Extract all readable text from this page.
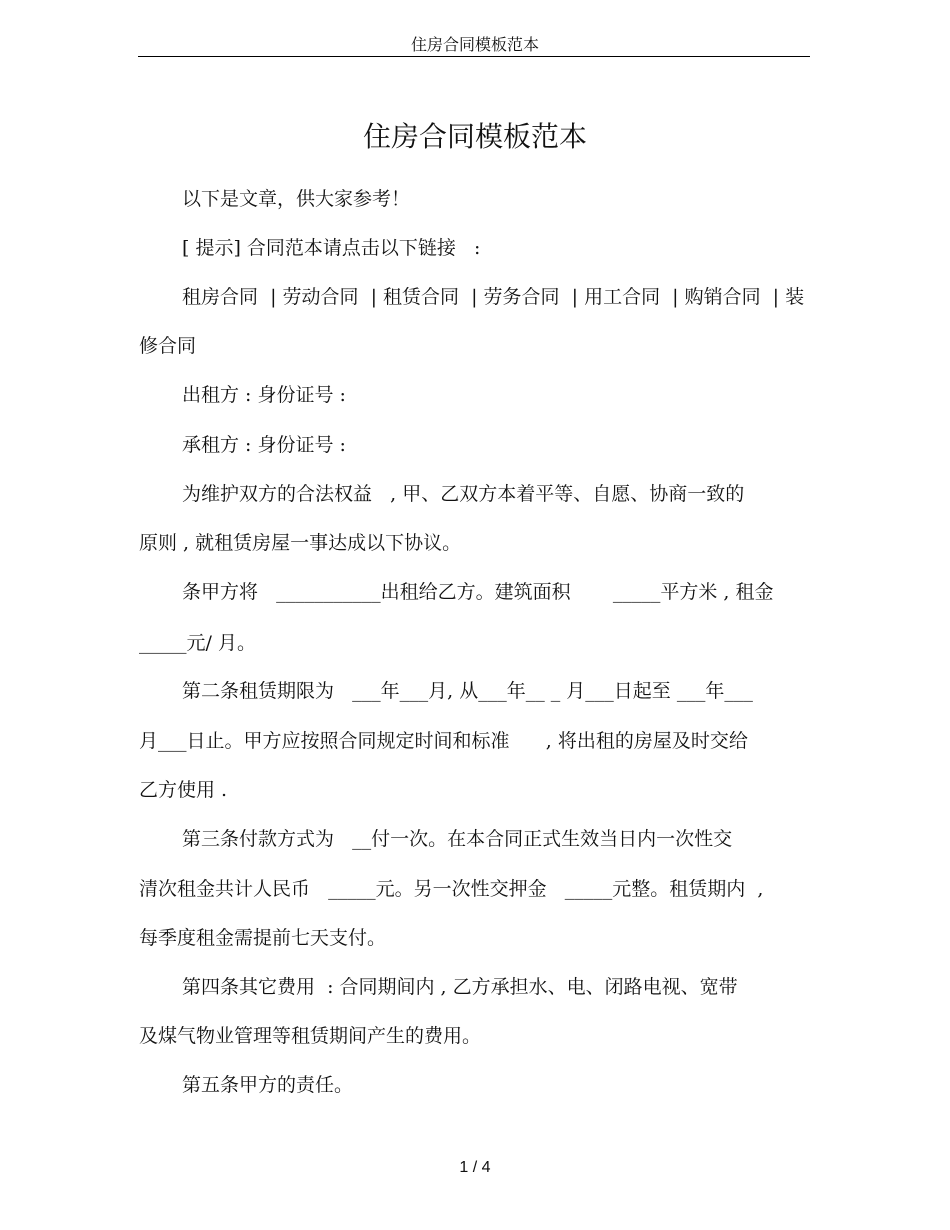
住房合同模板范本
住房合同模板范本
以下是文章，供大家参考！
[ 提示] 合同范本请点击以下链接   :
租房合同  | 劳动合同  | 租赁合同  | 劳务合同  | 用工合同  | 购销合同  | 装
修合同
出租方 : 身份证号 :
承租方 : 身份证号 :
为维护双方的合法权益   , 甲、乙双方本着平等、自愿、协商一致的
原则 , 就租赁房屋一事达成以下协议。
条甲方将   ___________出租给乙方。建筑面积       _____平方米 , 租金
_____元/ 月。
第二条租赁期限为   ___年___月, 从___年__ _ 月___日起至 ___年___
月___日止。甲方应按照合同规定时间和标准      , 将出租的房屋及时交给
乙方使用 .
第三条付款方式为   __付一次。在本合同正式生效当日内一次性交
清次租金共计人民币   _____元。另一次性交押金   _____元整。租赁期内  ,
每季度租金需提前七天支付。
第四条其它费用  : 合同期间内 , 乙方承担水、电、闭路电视、宽带
及煤气物业管理等租赁期间产生的费用。
第五条甲方的责任。
1 / 4
